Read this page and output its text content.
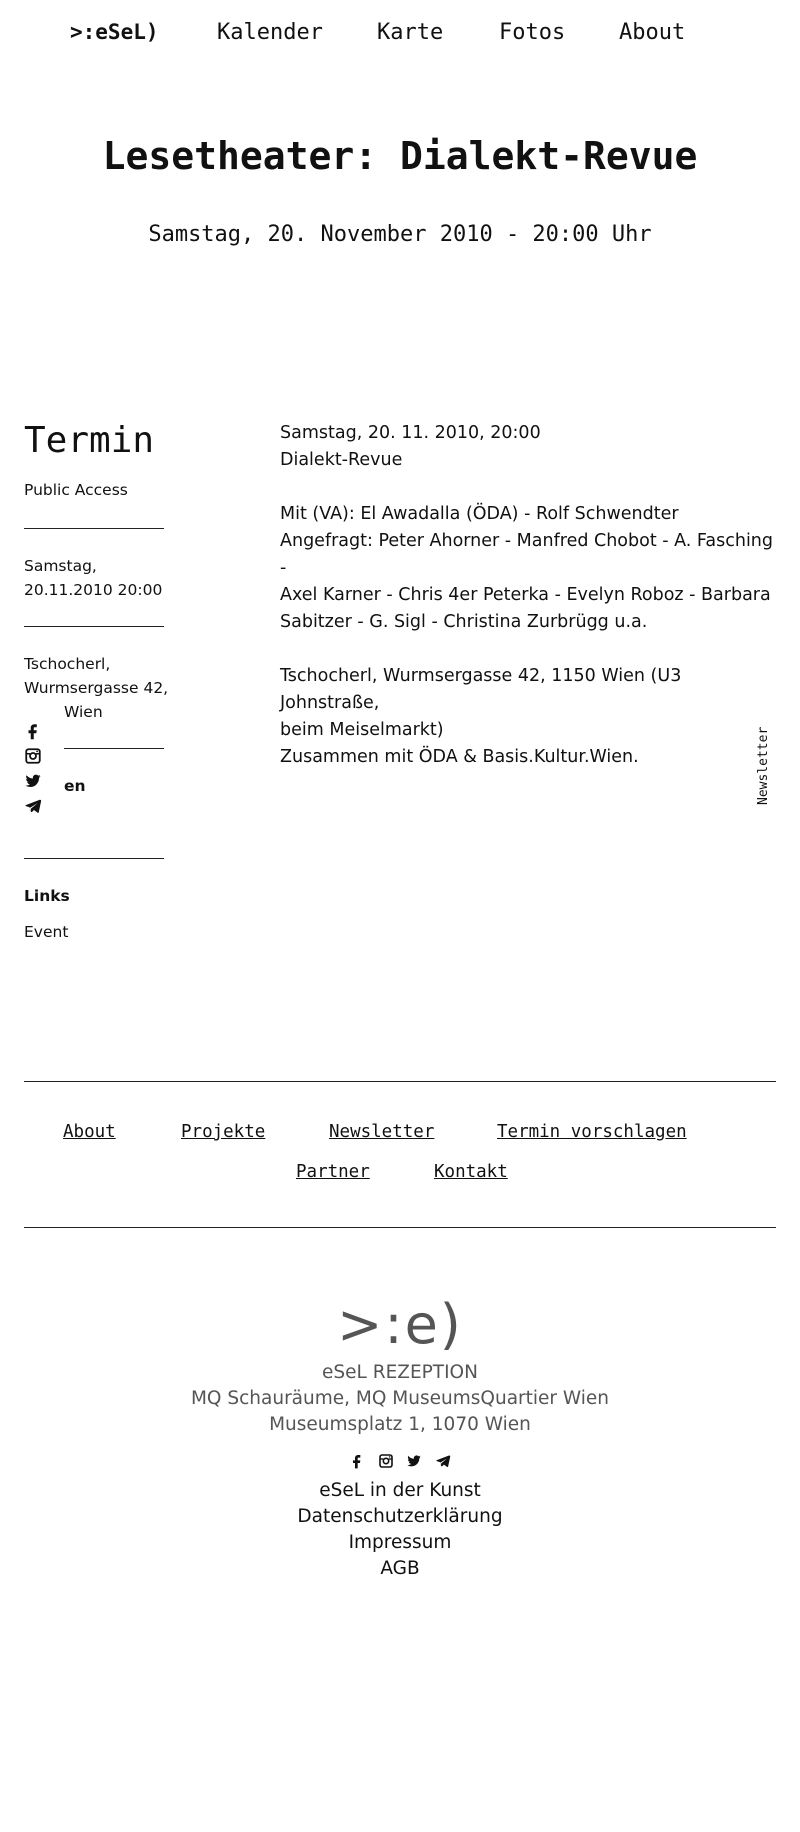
>:eSeL)	Kalender Karte	Fotos About
Lesetheater: Dialekt-Revue
Samstag, 20. November 2010 - 20:00 Uhr
Termin
Public Access
Samstag,
20.11.2010 20:00
Tschocherl,
Wurmsergasse 42,
Wien
en
Links
Event

Samstag, 20. 11. 2010, 20:00

Dialekt-Revue

Mit (VA): El Awadalla (ÖDA) - Rolf Schwendter

Angefragt: Peter Ahorner - Manfred Chobot - A. Fasching -

Axel Karner - Chris 4er Peterka - Evelyn Roboz - Barbara

Sabitzer - G. Sigl - Christina Zurbrügg u.a.

Tschocherl, Wurmsergasse 42, 1150 Wien (U3 Johnstraße,

beim Meiselmarkt)

Zusammen mit ÖDA & Basis.Kultur.Wien.	Newsletter
About	Projekte	Newsletter	Termin vorschlagen
Partner	Kontakt
>:e)
eSeL REZEPTION
MQ Schauräume, MQ MuseumsQuartier Wien
Museumsplatz 1, 1070 Wien

eSeL in der Kunst
Datenschutzerklärung
Impressum
AGB
